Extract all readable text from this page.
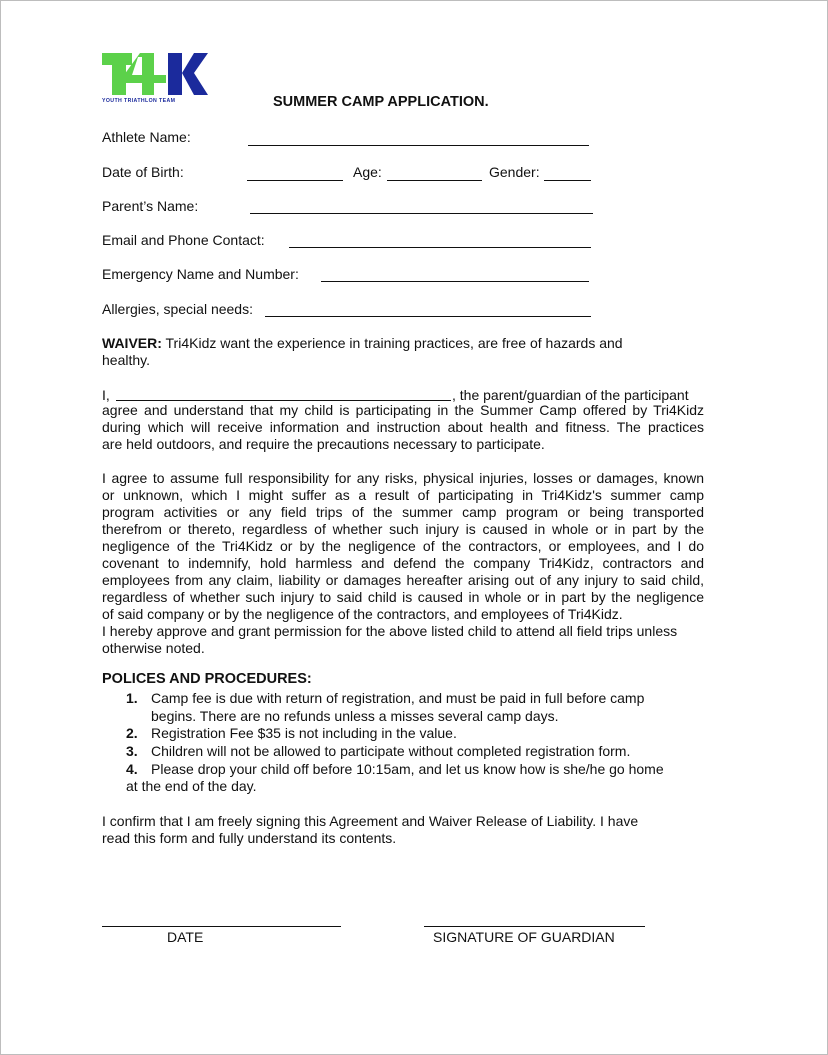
YOUTH TRIATHLON TEAM	SUMMER CAMP APPLICATION.
Athlete Name:
Date of Birth:	Age:	Gender:
Parent’s Name:
Email and Phone Contact:
Emergency Name and Number:
Allergies, special needs:
WAIVER: Tri4Kidz want the experience in training practices, are free of hazards and
healthy.
I,	, the parent/guardian of the participant
agree and understand that my child is participating in the Summer Camp offered by Tri4Kidz
during which will receive information and instruction about health and fitness. The practices
are held outdoors, and require the precautions necessary to participate.
I agree to assume full responsibility for any risks, physical injuries, losses or damages, known
or unknown, which I might suffer as a result of participating in Tri4Kidz's summer camp
program activities or any field trips of the summer camp program or being transported
therefrom or thereto, regardless of whether such injury is caused in whole or in part by the
negligence of the Tri4Kidz or by the negligence of the contractors, or employees, and I do
covenant to indemnify, hold harmless and defend the company Tri4Kidz, contractors and
employees from any claim, liability or damages hereafter arising out of any injury to said child,
regardless of whether such injury to said child is caused in whole or in part by the negligence
of said company or by the negligence of the contractors, and employees of Tri4Kidz.
I hereby approve and grant permission for the above listed child to attend all field trips unless
otherwise noted.
POLICES AND PROCEDURES:
1. Camp fee is due with return of registration, and must be paid in full before camp
begins. There are no refunds unless a misses several camp days.
2. Registration Fee $35 is not including in the value.
3. Children will not be allowed to participate without completed registration form.
4. Please drop your child off before 10:15am, and let us know how is she/he go home
at the end of the day.
I confirm that I am freely signing this Agreement and Waiver Release of Liability. I have
read this form and fully understand its contents.
DATE	SIGNATURE OF GUARDIAN
